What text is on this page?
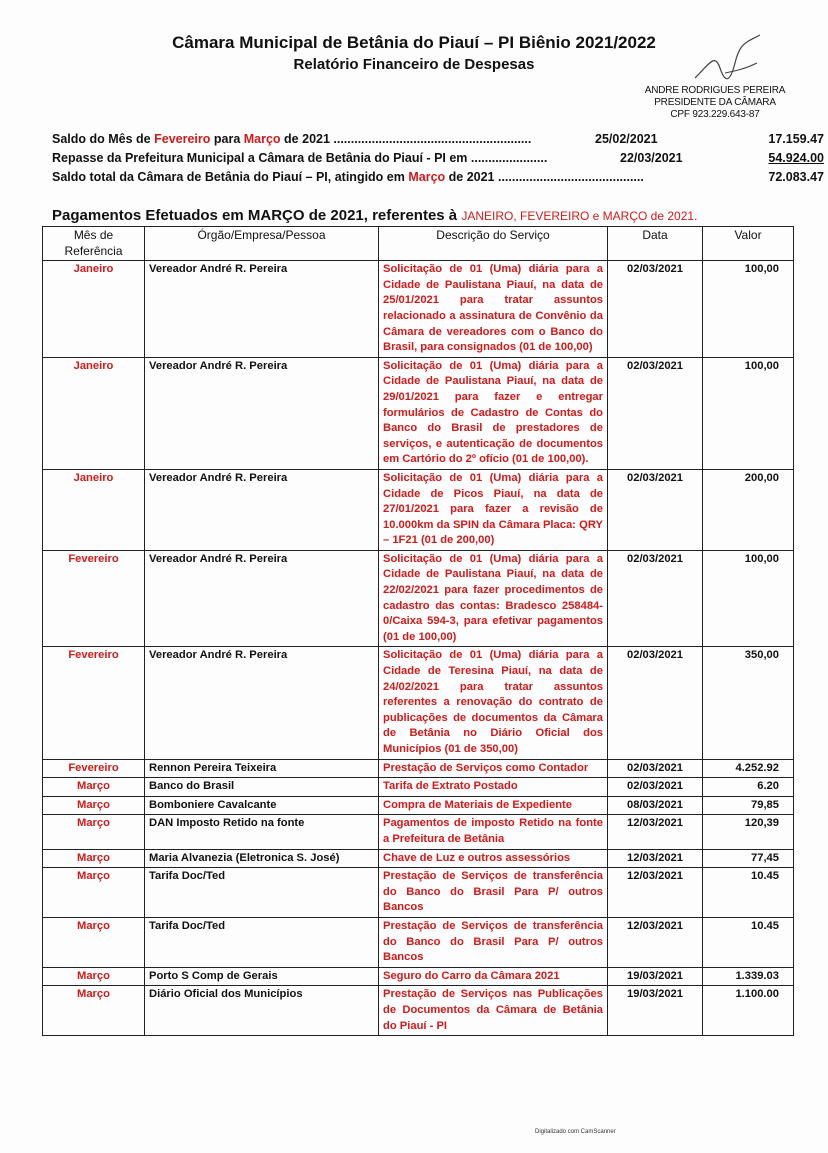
Câmara Municipal de Betânia do Piauí – PI Biênio 2021/2022
Relatório Financeiro de Despesas
ANDRE RODRIGUES PEREIRA
PRESIDENTE DA CÂMARA
CPF 923.229.643-87
Saldo do Mês de Fevereiro para Março de 2021 .........................................................	25/02/2021	17.159.47
Repasse da Prefeitura Municipal a Câmara de Betânia do Piauí - PI em ......................	22/03/2021	54.924.00
Saldo total da Câmara de Betânia do Piauí – PI, atingido em Março de 2021 ..........................................	72.083.47
Pagamentos Efetuados em MARÇO de 2021, referentes à JANEIRO, FEVEREIRO e MARÇO de 2021.
Mês de Referência	Órgão/Empresa/Pessoa	Descrição do Serviço	Data	Valor
Janeiro	Vereador André R. Pereira	Solicitação de 01 (Uma) diária para a Cidade de Paulistana Piauí, na data de 25/01/2021 para tratar assuntos relacionado a assinatura de Convênio da Câmara de vereadores com o Banco do Brasil, para consignados (01 de 100,00)	02/03/2021	100,00
Janeiro	Vereador André R. Pereira	Solicitação de 01 (Uma) diária para a Cidade de Paulistana Piauí, na data de 29/01/2021 para fazer e entregar formulários de Cadastro de Contas do Banco do Brasil de prestadores de serviços, e autenticação de documentos em Cartório do 2º ofício (01 de 100,00).	02/03/2021	100,00
Janeiro	Vereador André R. Pereira	Solicitação de 01 (Uma) diária para a Cidade de Picos Piauí, na data de 27/01/2021 para fazer a revisão de 10.000km da SPIN da Câmara Placa: QRY – 1F21 (01 de 200,00)	02/03/2021	200,00
Fevereiro	Vereador André R. Pereira	Solicitação de 01 (Uma) diária para a Cidade de Paulistana Piauí, na data de 22/02/2021 para fazer procedimentos de cadastro das contas: Bradesco 258484-0/Caixa 594-3, para efetivar pagamentos (01 de 100,00)	02/03/2021	100,00
Fevereiro	Vereador André R. Pereira	Solicitação de 01 (Uma) diária para a Cidade de Teresina Piauí, na data de 24/02/2021 para tratar assuntos referentes a renovação do contrato de publicações de documentos da Câmara de Betânia no Diário Oficial dos Municípios (01 de 350,00)	02/03/2021	350,00
Fevereiro	Rennon Pereira Teixeira	Prestação de Serviços como Contador	02/03/2021	4.252.92
Março	Banco do Brasil	Tarifa de Extrato Postado	02/03/2021	6.20
Março	Bomboniere Cavalcante	Compra de Materiais de Expediente	08/03/2021	79,85
Março	DAN Imposto Retido na fonte	Pagamentos de imposto Retido na fonte a Prefeitura de Betânia	12/03/2021	120,39
Março	Maria Alvanezia (Eletronica S. José)	Chave de Luz e outros assessórios	12/03/2021	77,45
Março	Tarifa Doc/Ted	Prestação de Serviços de transferência do Banco do Brasil Para P/ outros Bancos	12/03/2021	10.45
Março	Tarifa Doc/Ted	Prestação de Serviços de transferência do Banco do Brasil Para P/ outros Bancos	12/03/2021	10.45
Março	Porto S Comp de Gerais	Seguro do Carro da Câmara 2021	19/03/2021	1.339.03
Março	Diário Oficial dos Municípios	Prestação de Serviços nas Publicações de Documentos da Câmara de Betânia do Piauí - PI	19/03/2021	1.100.00
Digitalizado com CamScanner
